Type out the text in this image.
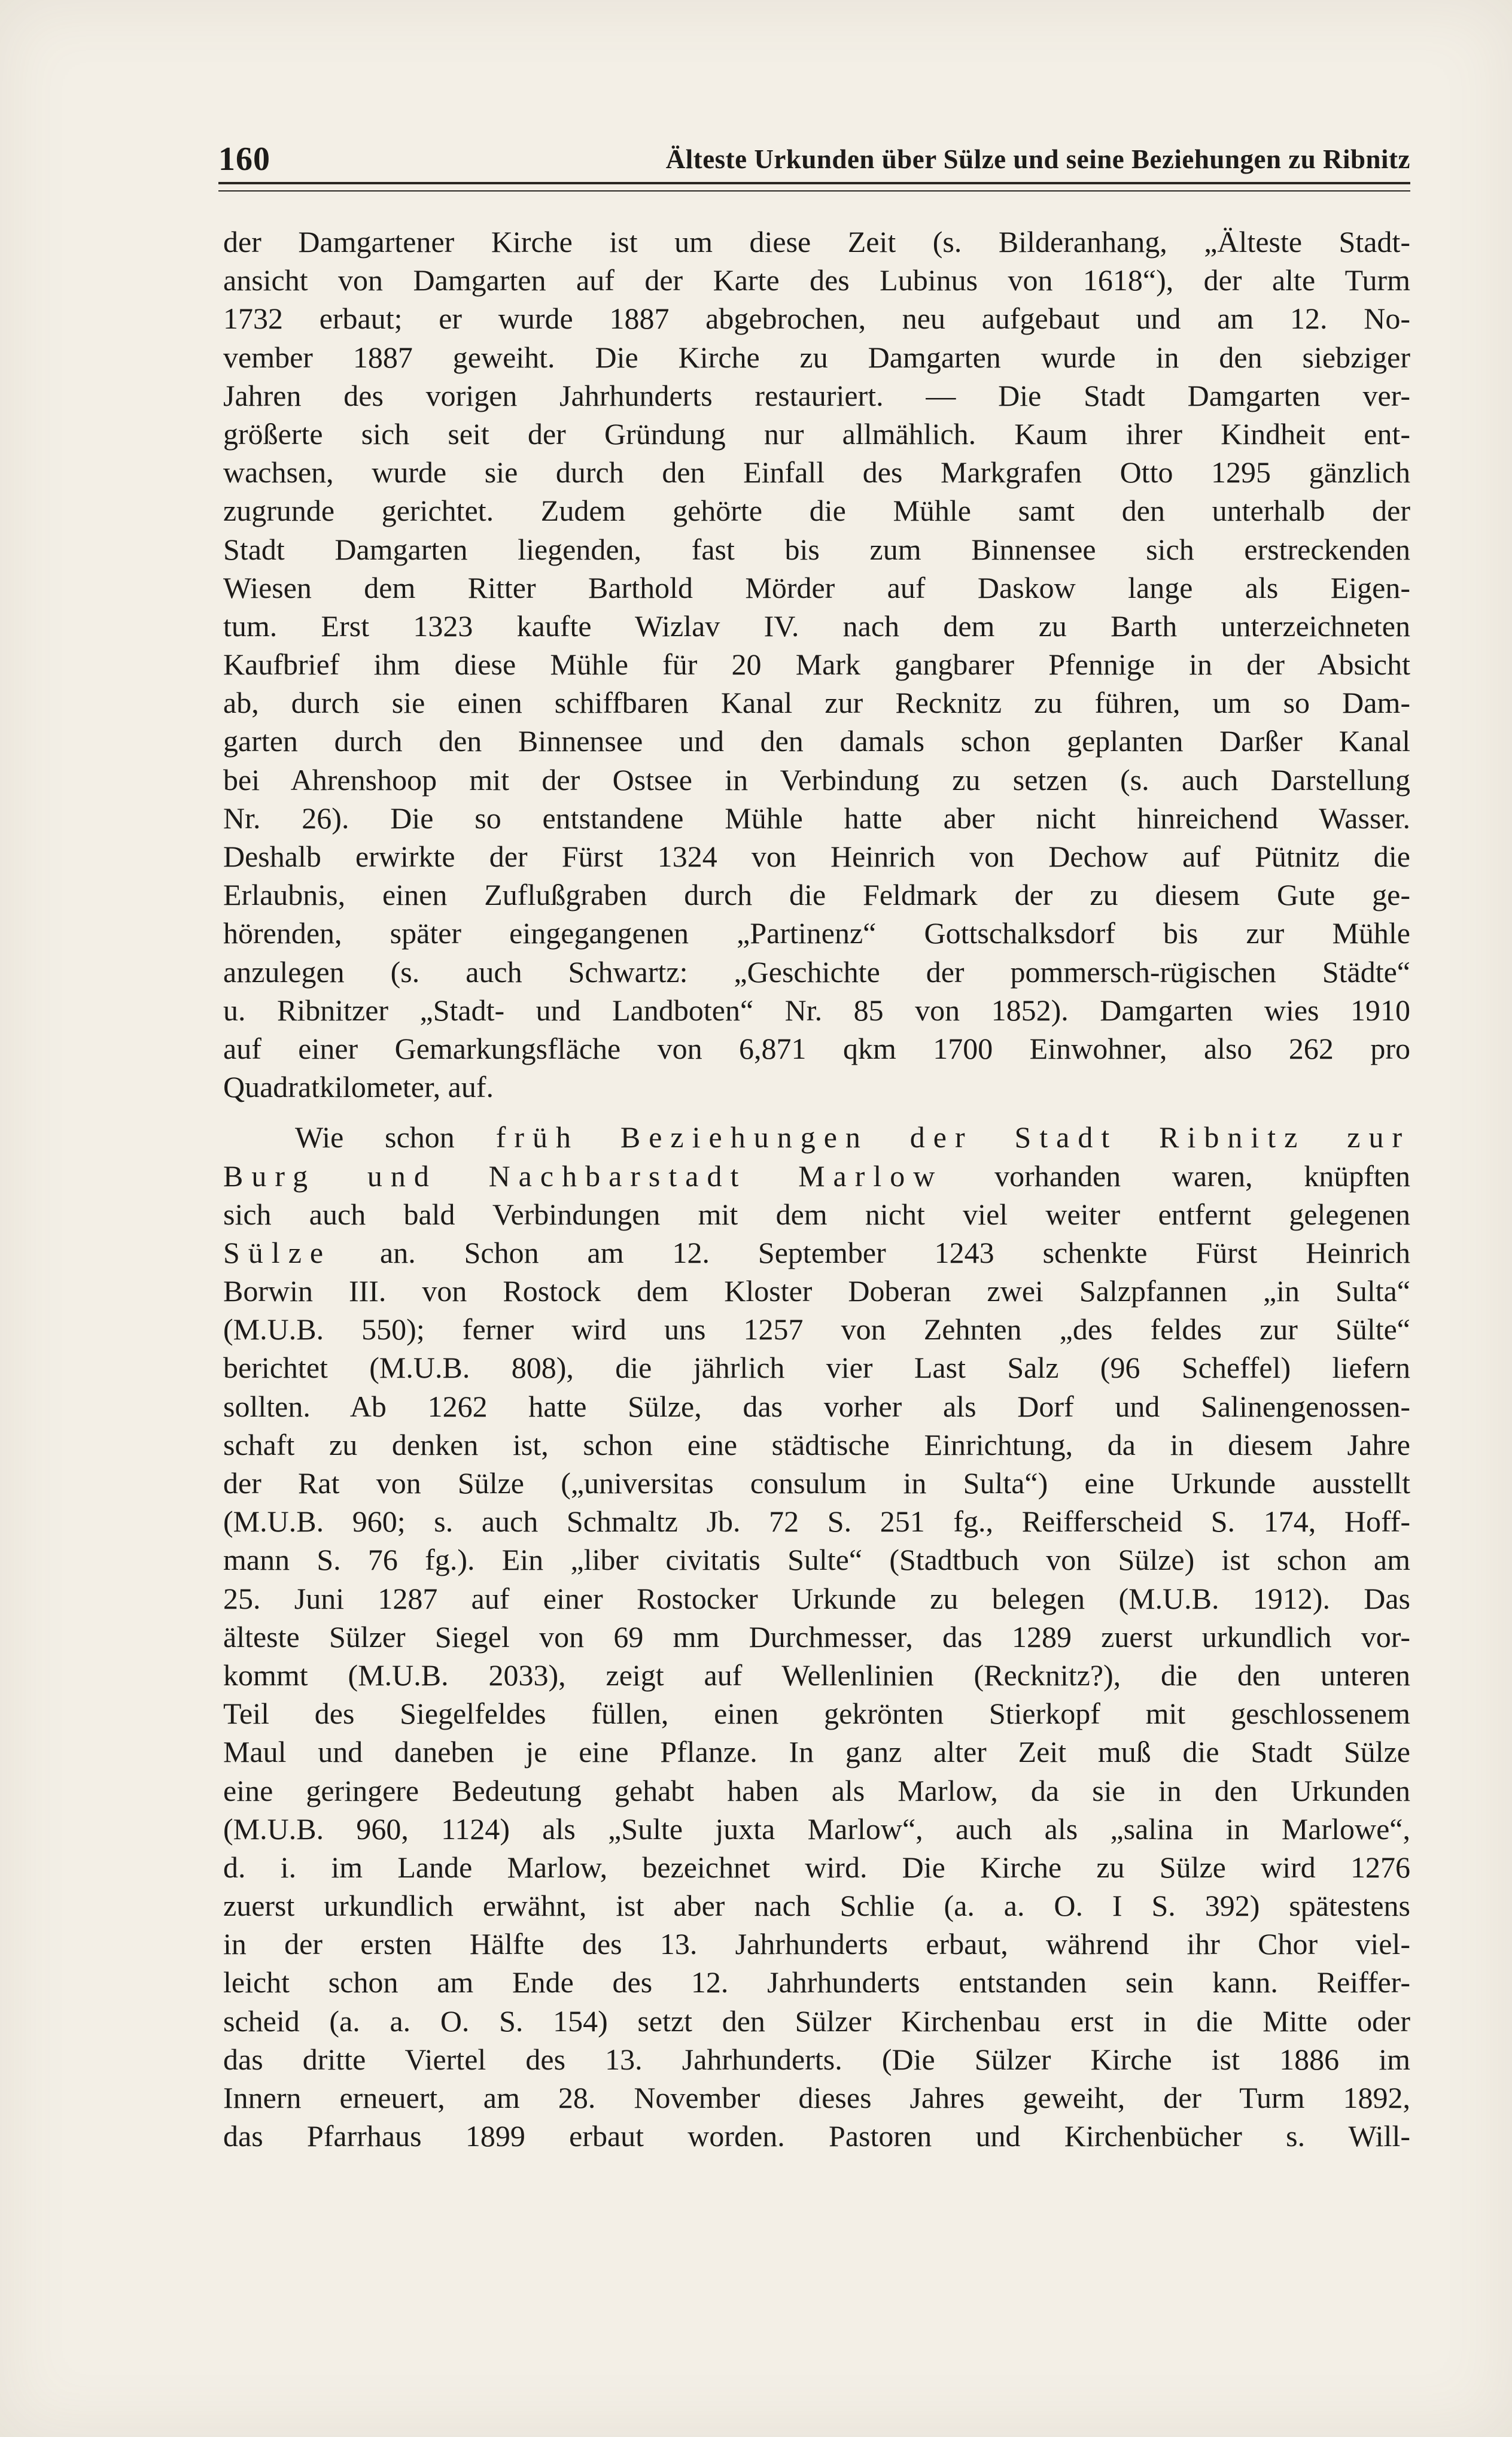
160	Älteste Urkunden über Sülze und seine Beziehungen zu Ribnitz

der Damgartener Kirche ist um diese Zeit (s. Bilderanhang, „Älteste Stadt-
ansicht von Damgarten auf der Karte des Lubinus von 1618“), der alte Turm
1732 erbaut; er wurde 1887 abgebrochen, neu aufgebaut und am 12. No-
vember 1887 geweiht. Die Kirche zu Damgarten wurde in den siebziger
Jahren des vorigen Jahrhunderts restauriert. — Die Stadt Damgarten ver-
größerte sich seit der Gründung nur allmählich. Kaum ihrer Kindheit ent-
wachsen, wurde sie durch den Einfall des Markgrafen Otto 1295 gänzlich
zugrunde gerichtet. Zudem gehörte die Mühle samt den unterhalb der
Stadt Damgarten liegenden, fast bis zum Binnensee sich erstreckenden
Wiesen dem Ritter Barthold Mörder auf Daskow lange als Eigen-
tum. Erst 1323 kaufte Wizlav IV. nach dem zu Barth unterzeichneten
Kaufbrief ihm diese Mühle für 20 Mark gangbarer Pfennige in der Absicht
ab, durch sie einen schiffbaren Kanal zur Recknitz zu führen, um so Dam-
garten durch den Binnensee und den damals schon geplanten Darßer Kanal
bei Ahrenshoop mit der Ostsee in Verbindung zu setzen (s. auch Darstellung
Nr. 26). Die so entstandene Mühle hatte aber nicht hinreichend Wasser.
Deshalb erwirkte der Fürst 1324 von Heinrich von Dechow auf Pütnitz die
Erlaubnis, einen Zuflußgraben durch die Feldmark der zu diesem Gute ge-
hörenden, später eingegangenen „Partinenz“ Gottschalksdorf bis zur Mühle
anzulegen (s. auch Schwartz: „Geschichte der pommersch-rügischen Städte“
u. Ribnitzer „Stadt- und Landboten“ Nr. 85 von 1852). Damgarten wies 1910
auf einer Gemarkungsfläche von 6,871 qkm 1700 Einwohner, also 262 pro
Quadratkilometer, auf.

Wie schon früh Beziehungen der Stadt Ribnitz zur
Burg und Nachbarstadt Marlow vorhanden waren, knüpften
sich auch bald Verbindungen mit dem nicht viel weiter entfernt gelegenen
Sülze an. Schon am 12. September 1243 schenkte Fürst Heinrich
Borwin III. von Rostock dem Kloster Doberan zwei Salzpfannen „in Sulta“
(M.U.B. 550); ferner wird uns 1257 von Zehnten „des feldes zur Sülte“
berichtet (M.U.B. 808), die jährlich vier Last Salz (96 Scheffel) liefern
sollten. Ab 1262 hatte Sülze, das vorher als Dorf und Salinengenossen-
schaft zu denken ist, schon eine städtische Einrichtung, da in diesem Jahre
der Rat von Sülze („universitas consulum in Sulta“) eine Urkunde ausstellt
(M.U.B. 960; s. auch Schmaltz Jb. 72 S. 251 fg., Reifferscheid S. 174, Hoff-
mann S. 76 fg.). Ein „liber civitatis Sulte“ (Stadtbuch von Sülze) ist schon am
25. Juni 1287 auf einer Rostocker Urkunde zu belegen (M.U.B. 1912). Das
älteste Sülzer Siegel von 69 mm Durchmesser, das 1289 zuerst urkundlich vor-
kommt (M.U.B. 2033), zeigt auf Wellenlinien (Recknitz?), die den unteren
Teil des Siegelfeldes füllen, einen gekrönten Stierkopf mit geschlossenem
Maul und daneben je eine Pflanze. In ganz alter Zeit muß die Stadt Sülze
eine geringere Bedeutung gehabt haben als Marlow, da sie in den Urkunden
(M.U.B. 960, 1124) als „Sulte juxta Marlow“, auch als „salina in Marlowe“,
d. i. im Lande Marlow, bezeichnet wird. Die Kirche zu Sülze wird 1276
zuerst urkundlich erwähnt, ist aber nach Schlie (a. a. O. I S. 392) spätestens
in der ersten Hälfte des 13. Jahrhunderts erbaut, während ihr Chor viel-
leicht schon am Ende des 12. Jahrhunderts entstanden sein kann. Reiffer-
scheid (a. a. O. S. 154) setzt den Sülzer Kirchenbau erst in die Mitte oder
das dritte Viertel des 13. Jahrhunderts. (Die Sülzer Kirche ist 1886 im
Innern erneuert, am 28. November dieses Jahres geweiht, der Turm 1892,
das Pfarrhaus 1899 erbaut worden. Pastoren und Kirchenbücher s. Will-
